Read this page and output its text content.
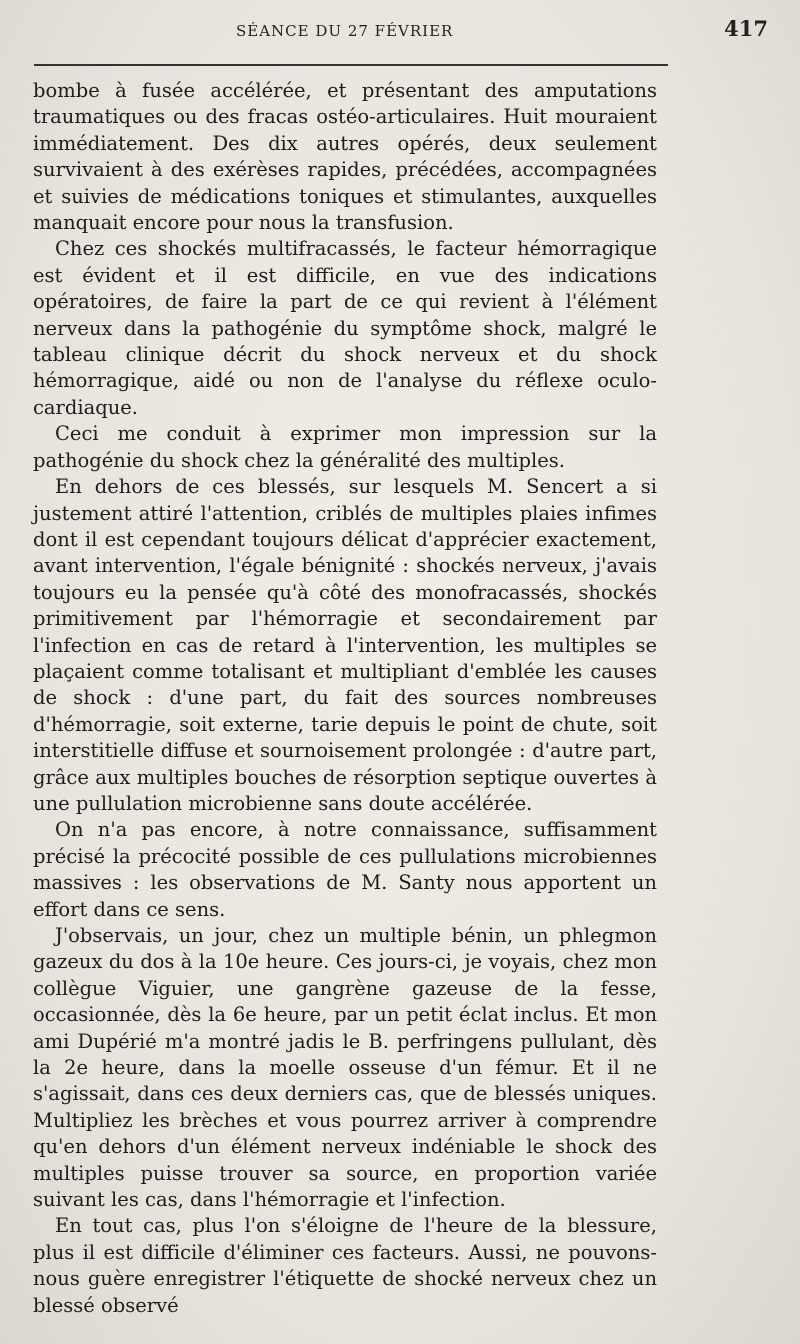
SÉANCE DU 27 FÉVRIER	417

bombe à fusée accélérée, et présentant des amputations traumatiques ou des fracas ostéo-articulaires. Huit mouraient immédiatement. Des dix autres opérés, deux seulement survivaient à des exérèses rapides, précédées, accompagnées et suivies de médications toniques et stimulantes, auxquelles manquait encore pour nous la transfusion.

Chez ces shockés multifracassés, le facteur hémorragique est évident et il est difficile, en vue des indications opératoires, de faire la part de ce qui revient à l'élément nerveux dans la pathogénie du symptôme shock, malgré le tableau clinique décrit du shock nerveux et du shock hémorragique, aidé ou non de l'analyse du réflexe oculo-cardiaque.

Ceci me conduit à exprimer mon impression sur la pathogénie du shock chez la généralité des multiples.

En dehors de ces blessés, sur lesquels M. Sencert a si justement attiré l'attention, criblés de multiples plaies infimes dont il est cependant toujours délicat d'apprécier exactement, avant intervention, l'égale bénignité : shockés nerveux, j'avais toujours eu la pensée qu'à côté des monofracassés, shockés primitivement par l'hémorragie et secondairement par l'infection en cas de retard à l'intervention, les multiples se plaçaient comme totalisant et multipliant d'emblée les causes de shock : d'une part, du fait des sources nombreuses d'hémorragie, soit externe, tarie depuis le point de chute, soit interstitielle diffuse et sournoisement prolongée : d'autre part, grâce aux multiples bouches de résorption septique ouvertes à une pullulation microbienne sans doute accélérée.

On n'a pas encore, à notre connaissance, suffisamment précisé la précocité possible de ces pullulations microbiennes massives : les observations de M. Santy nous apportent un effort dans ce sens.

J'observais, un jour, chez un multiple bénin, un phlegmon gazeux du dos à la 10e heure. Ces jours-ci, je voyais, chez mon collègue Viguier, une gangrène gazeuse de la fesse, occasionnée, dès la 6e heure, par un petit éclat inclus. Et mon ami Dupérié m'a montré jadis le B. perfringens pullulant, dès la 2e heure, dans la moelle osseuse d'un fémur. Et il ne s'agissait, dans ces deux derniers cas, que de blessés uniques. Multipliez les brèches et vous pourrez arriver à comprendre qu'en dehors d'un élément nerveux indéniable le shock des multiples puisse trouver sa source, en proportion variée suivant les cas, dans l'hémorragie et l'infection.

En tout cas, plus l'on s'éloigne de l'heure de la blessure, plus il est difficile d'éliminer ces facteurs. Aussi, ne pouvons-nous guère enregistrer l'étiquette de shocké nerveux chez un blessé observé
